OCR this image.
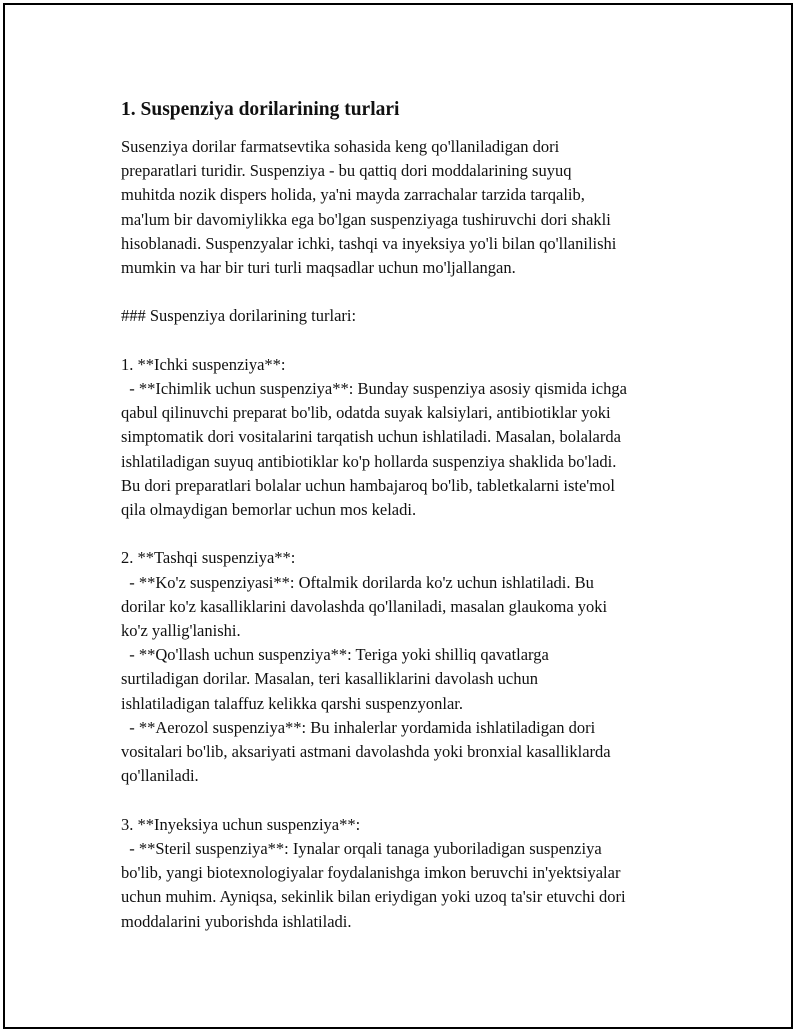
1. Suspenziya dorilarining turlari

Susenziya dorilar farmatsevtika sohasida keng qo'llaniladigan dori
preparatlari turidir. Suspenziya - bu qattiq dori moddalarining suyuq
muhitda nozik dispers holida, ya'ni mayda zarrachalar tarzida tarqalib,
ma'lum bir davomiylikka ega bo'lgan suspenziyaga tushiruvchi dori shakli
hisoblanadi. Suspenzyalar ichki, tashqi va inyeksiya yo'li bilan qo'llanilishi
mumkin va har bir turi turli maqsadlar uchun mo'ljallangan.

### Suspenziya dorilarining turlari:

1. **Ichki suspenziya**:
- **Ichimlik uchun suspenziya**: Bunday suspenziya asosiy qismida ichga
qabul qilinuvchi preparat bo'lib, odatda suyak kalsiylari, antibiotiklar yoki
simptomatik dori vositalarini tarqatish uchun ishlatiladi. Masalan, bolalarda
ishlatiladigan suyuq antibiotiklar ko'p hollarda suspenziya shaklida bo'ladi.
Bu dori preparatlari bolalar uchun hambajaroq bo'lib, tabletkalarni iste'mol
qila olmaydigan bemorlar uchun mos keladi.

2. **Tashqi suspenziya**:
- **Ko'z suspenziyasi**: Oftalmik dorilarda ko'z uchun ishlatiladi. Bu
dorilar ko'z kasalliklarini davolashda qo'llaniladi, masalan glaukoma yoki
ko'z yallig'lanishi.
- **Qo'llash uchun suspenziya**: Teriga yoki shilliq qavatlarga
surtiladigan dorilar. Masalan, teri kasalliklarini davolash uchun
ishlatiladigan talaffuz kelikka qarshi suspenzyonlar.
- **Aerozol suspenziya**: Bu inhalerlar yordamida ishlatiladigan dori
vositalari bo'lib, aksariyati astmani davolashda yoki bronxial kasalliklarda
qo'llaniladi.

3. **Inyeksiya uchun suspenziya**:
- **Steril suspenziya**: Iynalar orqali tanaga yuboriladigan suspenziya
bo'lib, yangi biotexnologiyalar foydalanishga imkon beruvchi in'yektsiyalar
uchun muhim. Ayniqsa, sekinlik bilan eriydigan yoki uzoq ta'sir etuvchi dori
moddalarini yuborishda ishlatiladi.
